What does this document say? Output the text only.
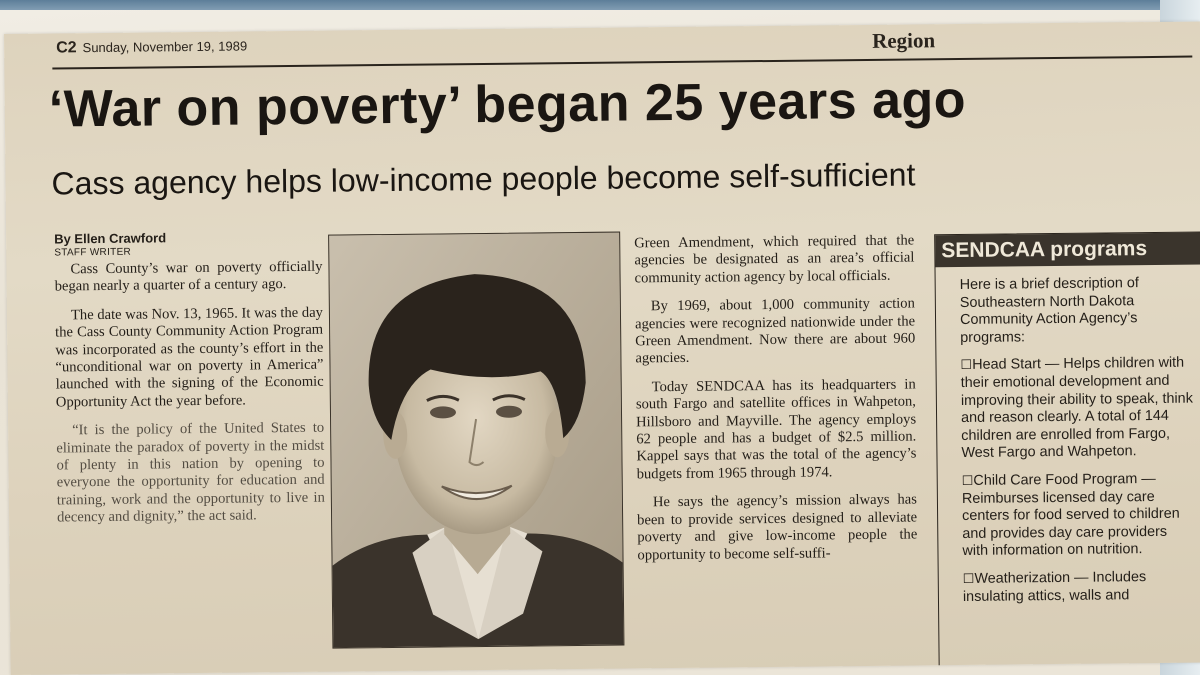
C2 Sunday, November 19, 1989	Region
‘War on poverty’ began 25 years ago
Cass agency helps low-income people become self-sufficient
By Ellen Crawford
STAFF WRITER

Cass County’s war on poverty officially began nearly a quarter of a century ago.

The date was Nov. 13, 1965. It was the day the Cass County Community Action Program was incorporated as the county’s effort in the “unconditional war on poverty in America” launched with the signing of the Economic Opportunity Act the year before.

“It is the policy of the United States to eliminate the paradox of poverty in the midst of plenty in this nation by opening to everyone the opportunity for education and training, work and the opportunity to live in decency and dignity,” the act said.

Green Amendment, which required that the agencies be designated as an area’s official community action agency by local officials.

By 1969, about 1,000 community action agencies were recognized nationwide under the Green Amendment. Now there are about 960 agencies.

Today SENDCAA has its headquarters in south Fargo and satellite offices in Wahpeton, Hillsboro and Mayville. The agency employs 62 people and has a budget of $2.5 million. Kappel says that was the total of the agency’s budgets from 1965 through 1974.

He says the agency’s mission always has been to provide services designed to alleviate poverty and give low-income people the opportunity to become self-suffi-

SENDCAA programs

Here is a brief description of Southeastern North Dakota Community Action Agency’s programs:

☐Head Start — Helps children with their emotional development and improving their ability to speak, think and reason clearly. A total of 144 children are enrolled from Fargo, West Fargo and Wahpeton.

☐Child Care Food Program — Reimburses licensed day care centers for food served to children and provides day care providers with information on nutrition.

☐Weatherization — Includes insulating attics, walls and
